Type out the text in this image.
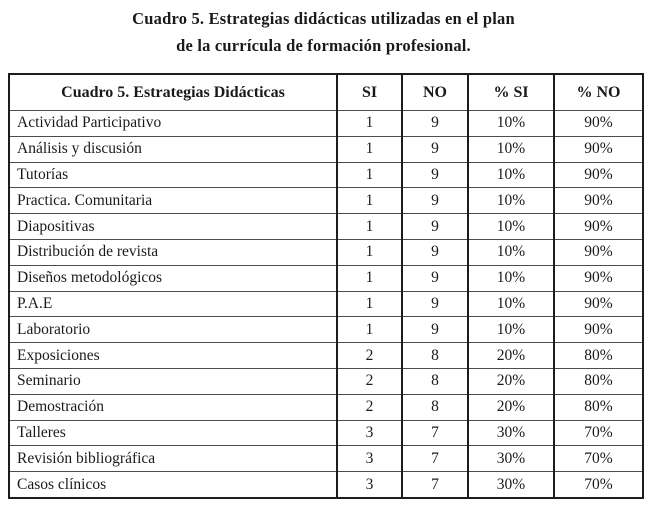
Cuadro 5. Estrategias didácticas utilizadas en el plan
de la currícula de formación profesional.
Cuadro 5. Estrategias Didácticas	SI	NO	% SI	% NO
Actividad Participativo	1	9	10%	90%
Análisis y discusión	1	9	10%	90%
Tutorías	1	9	10%	90%
Practica. Comunitaria	1	9	10%	90%
Diapositivas	1	9	10%	90%
Distribución de revista	1	9	10%	90%
Diseños metodológicos	1	9	10%	90%
P.A.E	1	9	10%	90%
Laboratorio	1	9	10%	90%
Exposiciones	2	8	20%	80%
Seminario	2	8	20%	80%
Demostración	2	8	20%	80%
Talleres	3	7	30%	70%
Revisión bibliográfica	3	7	30%	70%
Casos clínicos	3	7	30%	70%
